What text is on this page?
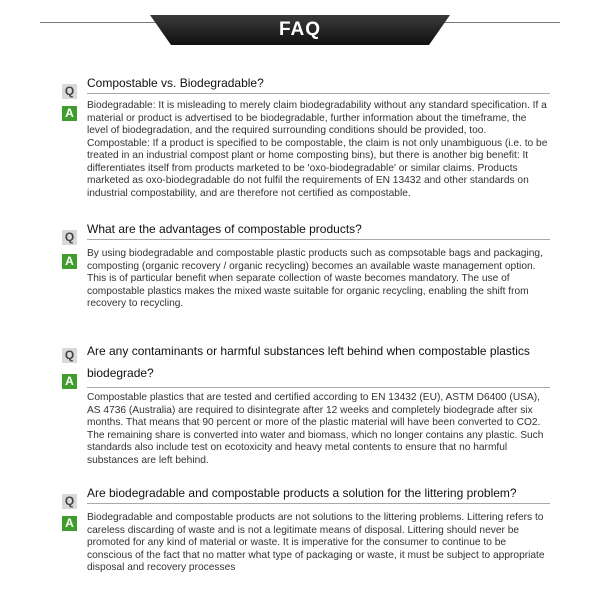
FAQ
Q
Compostable vs. Biodegradable?
A

Biodegradable: It is misleading to merely claim biodegradability without any standard specification. If a material or product is advertised to be biodegradable, further information about the timeframe, the level of biodegradation, and the required surrounding conditions should be provided, too.

Compostable: If a product is specified to be compostable, the claim is not only unambiguous (i.e. to be treated in an industrial compost plant or home composting bins), but there is another big benefit: It differentiates itself from products marketed to be 'oxo-biodegradable' or similar claims. Products marketed as oxo-biodegradable do not fulfil the requirements of EN 13432 and other standards on industrial compostability, and are therefore not certified as compostable.

Q
What are the advantages of compostable products?
A

By using biodegradable and compostable plastic products such as compsotable bags and packaging, composting (organic recovery / organic recycling) becomes an available waste management option.

This is of particular benefit when separate collection of waste becomes mandatory. The use of compostable plastics makes the mixed waste suitable for organic recycling, enabling the shift from recovery to recycling.

Q Are any contaminants or harmful substances left behind when compostable plastics biodegrade?
A

Compostable plastics that are tested and certified according to EN 13432 (EU), ASTM D6400 (USA), AS 4736 (Australia) are required to disintegrate after 12 weeks and completely biodegrade after six months. That means that 90 percent or more of the plastic material will have been converted to CO2. The remaining share is converted into water and biomass, which no longer contains any plastic. Such standards also include test on ecotoxicity and heavy metal contents to ensure that no harmful substances are left behind.

Q
Are biodegradable and compostable products a solution for the littering problem?
A	Biodegradable and compostable products are not solutions to the littering problems. Littering refers to careless discarding of waste and is not a legitimate means of disposal. Littering should never be promoted for any kind of material or waste. It is imperative for the consumer to continue to be conscious of the fact that no matter what type of packaging or waste, it must be subject to appropriate disposal and recovery processes
